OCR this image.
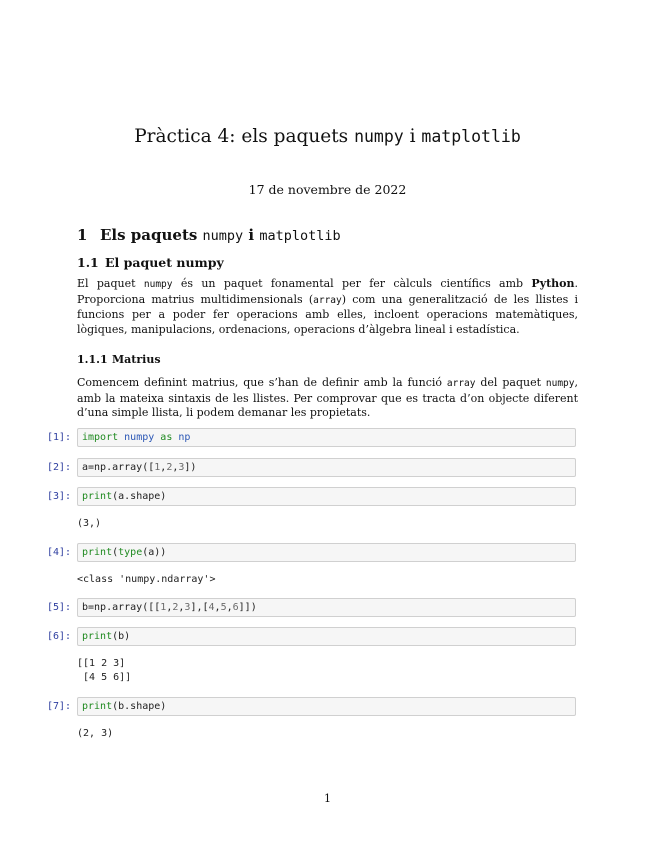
Pràctica 4: els paquets numpy i matplotlib
17 de novembre de 2022
1 Els paquets numpy i matplotlib
1.1 El paquet numpy
El paquet numpy és un paquet fonamental per fer càlculs científics amb Python. Proporciona matrius multidimensionals (array) com una generalització de les llistes i funcions per a poder fer operacions amb elles, incloent operacions matemàtiques, lògiques, manipulacions, ordenacions, operacions d’àlgebra lineal i estadística.
1.1.1 Matrius
Comencem definint matrius, que s’han de definir amb la funció array del paquet numpy, amb la mateixa sintaxis de les llistes. Per comprovar que es tracta d’on objecte diferent d’una simple llista, li podem demanar les propietats.
[1]:	import numpy as np
[2]:	a=np.array([1,2,3])
[3]:	print(a.shape)
(3,)
[4]:	print(type(a))
<class 'numpy.ndarray'>
[5]:	b=np.array([[1,2,3],[4,5,6]])
[6]:	print(b)
[[1 2 3]
[4 5 6]]
[7]:	print(b.shape)
(2, 3)
1
